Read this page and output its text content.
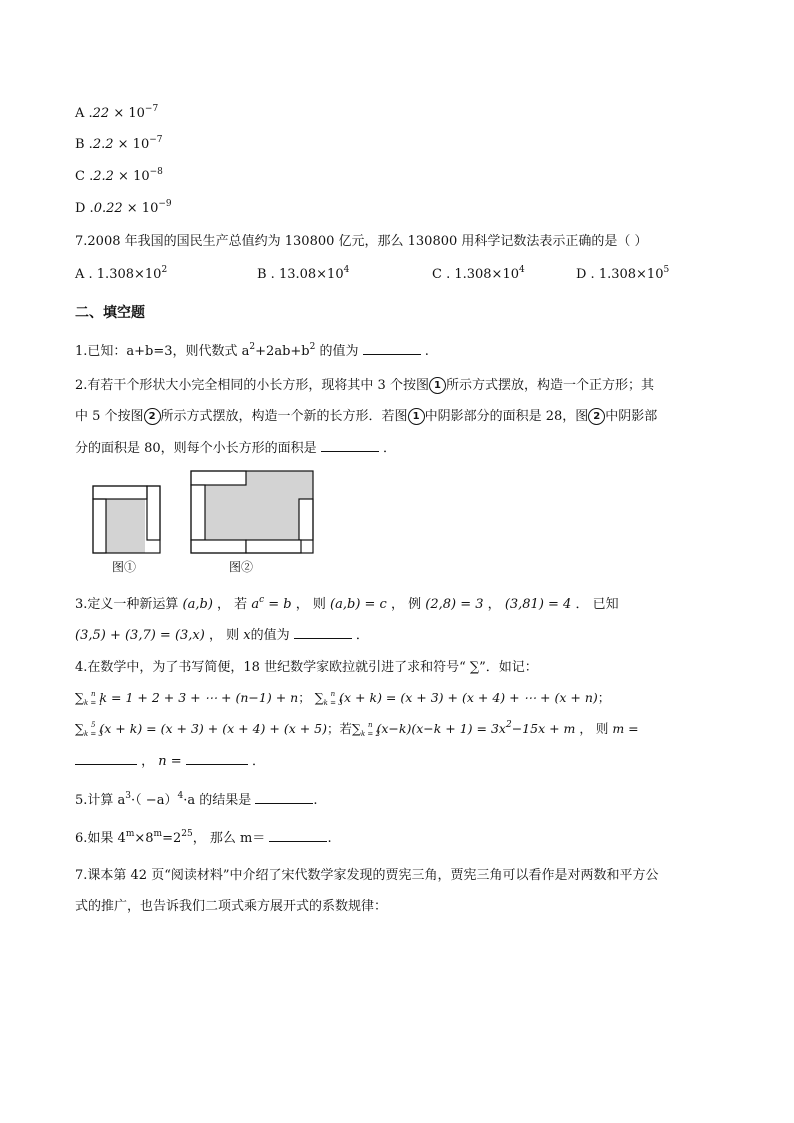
A $.22 \times 10^{-7}$
B $.2.2 \times 10^{-7}$
C $.2.2 \times 10^{-8}$
D $.0.22 \times 10^{-9}$
7.2008 年我国的国民生产总值约为 130800 亿元，那么 130800 用科学记数法表示正确的是（ ）
A . $1.308\times 10^2$	B . $13.08\times 10^4$	C . $1.308\times 10^4$	D . $1.308\times 10^5$
二、填空题
1.已知：a+b=3，则代数式 $a^2+2ab+b^2$ 的值为	.
2.有若干个形状大小完全相同的小长方形，现将其中 3 个按图 1 所示方式摆放，构造一个正方形；其
中 5 个按图 2 所示方式摆放，构造一个新的长方形．若图 1 中阴影部分的面积是 28，图 2 中阴影部
分的面积是 80，则每个小长方形的面积是	．
图①	图②
3.定义一种新运算 (a,b) ， 若 $a^c = b$ ， 则 (a,b) = c ， 例 (2,8) = 3 ， (3,81) = 4 ． 已知
(3,5) + (3,7) = (3,x) ， 则 x的值为	．
4.在数学中，为了书写简便，18 世纪数学家欧拉就引进了求和符号“ ∑”．如记：
$\sum_{k = 1}^n$ k = 1 + 2 + 3 + ⋯ + (n−1) + n； $\sum_{k = 3}^n$ (x + k) = (x + 3) + (x + 4) + ⋯ + (x + n)；
$\sum_{k = 3}^5$ (x + k) = (x + 3) + (x + 4) + (x + 5)；若$\sum_{k = 2}^n$ $(x-k)(x-k + 1) = 3x^2-15x + m$ ， 则 m =
， n =	．
5.计算 $a^3\cdot( -a)^4\cdot a$ 的结果是	.
6.如果 $4^m\times 8^m=2^{25}$， 那么 m＝	.
7.课本第 42 页“阅读材料”中介绍了宋代数学家发现的贾宪三角，贾宪三角可以看作是对两数和平方公
式的推广，也告诉我们二项式乘方展开式的系数规律：
